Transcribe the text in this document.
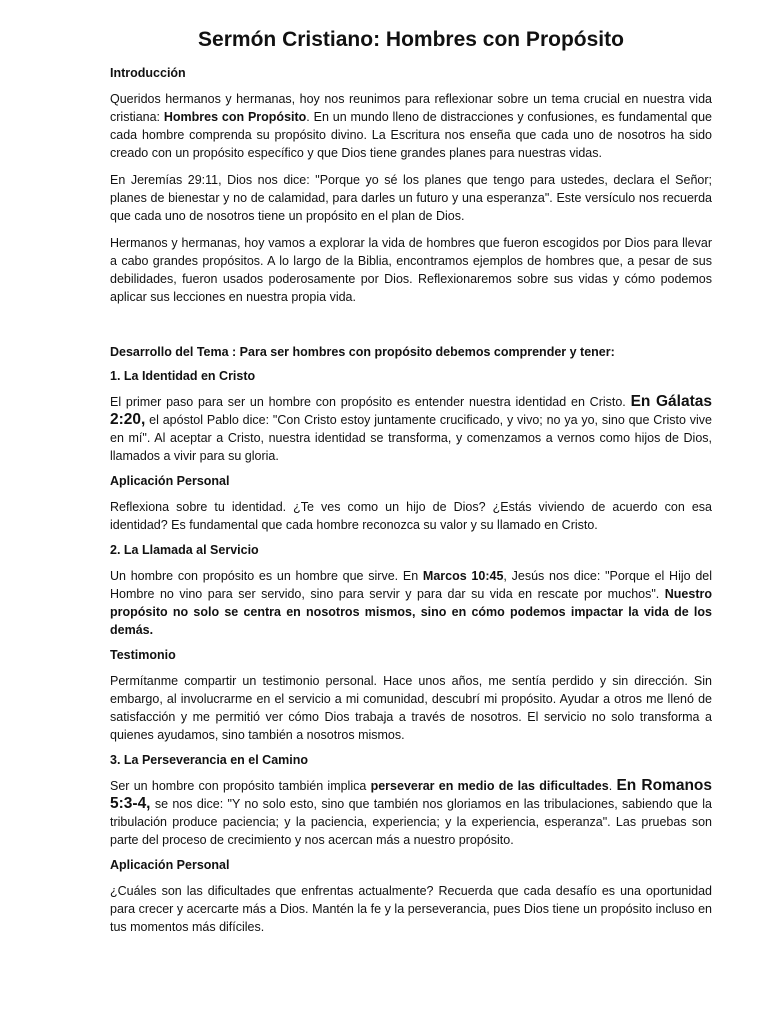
Sermón Cristiano: Hombres con Propósito
Introducción

Queridos hermanos y hermanas, hoy nos reunimos para reflexionar sobre un tema crucial en nuestra vida cristiana: Hombres con Propósito. En un mundo lleno de distracciones y confusiones, es fundamental que cada hombre comprenda su propósito divino. La Escritura nos enseña que cada uno de nosotros ha sido creado con un propósito específico y que Dios tiene grandes planes para nuestras vidas.

En Jeremías 29:11, Dios nos dice: "Porque yo sé los planes que tengo para ustedes, declara el Señor; planes de bienestar y no de calamidad, para darles un futuro y una esperanza". Este versículo nos recuerda que cada uno de nosotros tiene un propósito en el plan de Dios.

Hermanos y hermanas, hoy vamos a explorar la vida de hombres que fueron escogidos por Dios para llevar a cabo grandes propósitos. A lo largo de la Biblia, encontramos ejemplos de hombres que, a pesar de sus debilidades, fueron usados poderosamente por Dios. Reflexionaremos sobre sus vidas y cómo podemos aplicar sus lecciones en nuestra propia vida.

Desarrollo del Tema : Para ser hombres con propósito debemos comprender y tener:
1. La Identidad en Cristo

El primer paso para ser un hombre con propósito es entender nuestra identidad en Cristo. En Gálatas 2:20, el apóstol Pablo dice: "Con Cristo estoy juntamente crucificado, y vivo; no ya yo, sino que Cristo vive en mí". Al aceptar a Cristo, nuestra identidad se transforma, y comenzamos a vernos como hijos de Dios, llamados a vivir para su gloria.

Aplicación Personal

Reflexiona sobre tu identidad. ¿Te ves como un hijo de Dios? ¿Estás viviendo de acuerdo con esa identidad? Es fundamental que cada hombre reconozca su valor y su llamado en Cristo.

2. La Llamada al Servicio

Un hombre con propósito es un hombre que sirve. En Marcos 10:45, Jesús nos dice: "Porque el Hijo del Hombre no vino para ser servido, sino para servir y para dar su vida en rescate por muchos". Nuestro propósito no solo se centra en nosotros mismos, sino en cómo podemos impactar la vida de los demás.

Testimonio

Permítanme compartir un testimonio personal. Hace unos años, me sentía perdido y sin dirección. Sin embargo, al involucrarme en el servicio a mi comunidad, descubrí mi propósito. Ayudar a otros me llenó de satisfacción y me permitió ver cómo Dios trabaja a través de nosotros. El servicio no solo transforma a quienes ayudamos, sino también a nosotros mismos.

3. La Perseverancia en el Camino

Ser un hombre con propósito también implica perseverar en medio de las dificultades. En Romanos 5:3-4, se nos dice: "Y no solo esto, sino que también nos gloriamos en las tribulaciones, sabiendo que la tribulación produce paciencia; y la paciencia, experiencia; y la experiencia, esperanza". Las pruebas son parte del proceso de crecimiento y nos acercan más a nuestro propósito.

Aplicación Personal

¿Cuáles son las dificultades que enfrentas actualmente? Recuerda que cada desafío es una oportunidad para crecer y acercarte más a Dios. Mantén la fe y la perseverancia, pues Dios tiene un propósito incluso en tus momentos más difíciles.
